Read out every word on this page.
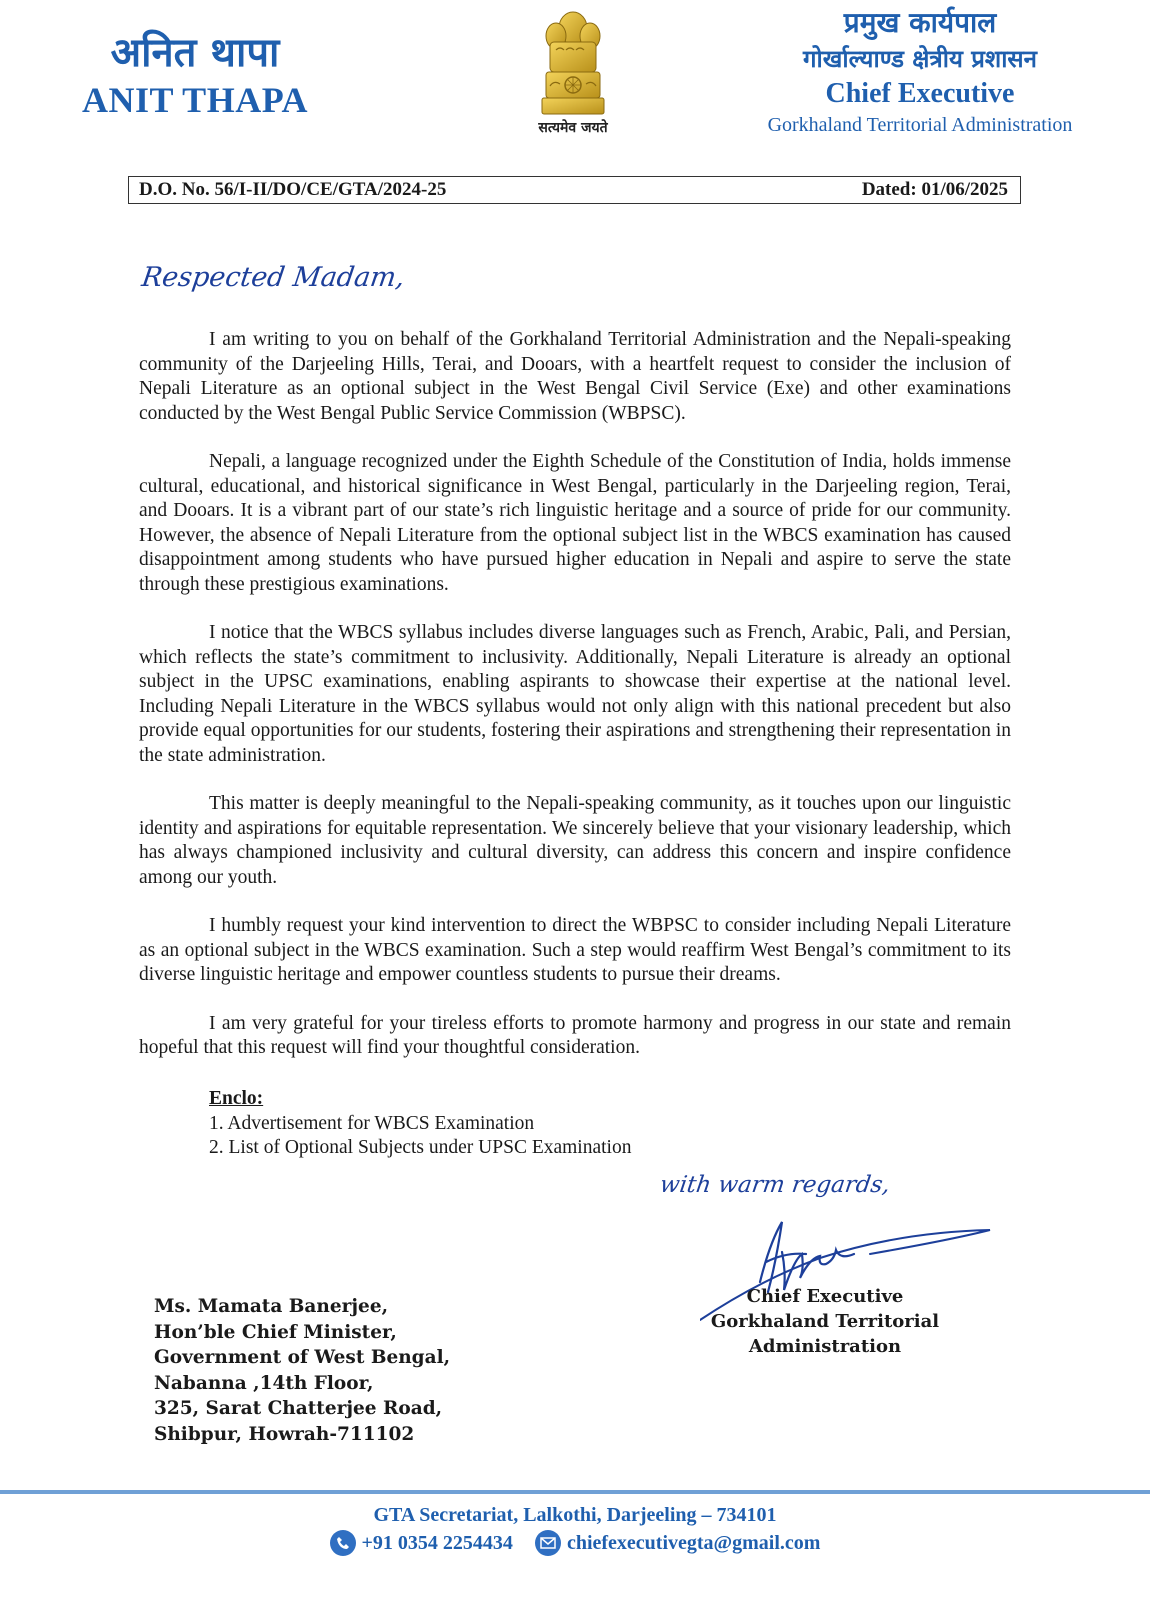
अनित थापा
ANIT THAPA
सत्यमेव जयते
प्रमुख कार्यपाल
गोर्खाल्याण्ड क्षेत्रीय प्रशासन
Chief Executive
Gorkhaland Territorial Administration
D.O. No. 56/I-II/DO/CE/GTA/2024-25	Dated: 01/06/2025
Respected Madam,

I am writing to you on behalf of the Gorkhaland Territorial Administration and the Nepali-speaking community of the Darjeeling Hills, Terai, and Dooars, with a heartfelt request to consider the inclusion of Nepali Literature as an optional subject in the West Bengal Civil Service (Exe) and other examinations conducted by the West Bengal Public Service Commission (WBPSC).

Nepali, a language recognized under the Eighth Schedule of the Constitution of India, holds immense cultural, educational, and historical significance in West Bengal, particularly in the Darjeeling region, Terai, and Dooars. It is a vibrant part of our state’s rich linguistic heritage and a source of pride for our community. However, the absence of Nepali Literature from the optional subject list in the WBCS examination has caused disappointment among students who have pursued higher education in Nepali and aspire to serve the state through these prestigious examinations.

I notice that the WBCS syllabus includes diverse languages such as French, Arabic, Pali, and Persian, which reflects the state’s commitment to inclusivity. Additionally, Nepali Literature is already an optional subject in the UPSC examinations, enabling aspirants to showcase their expertise at the national level. Including Nepali Literature in the WBCS syllabus would not only align with this national precedent but also provide equal opportunities for our students, fostering their aspirations and strengthening their representation in the state administration.

This matter is deeply meaningful to the Nepali-speaking community, as it touches upon our linguistic identity and aspirations for equitable representation. We sincerely believe that your visionary leadership, which has always championed inclusivity and cultural diversity, can address this concern and inspire confidence among our youth.

I humbly request your kind intervention to direct the WBPSC to consider including Nepali Literature as an optional subject in the WBCS examination. Such a step would reaffirm West Bengal’s commitment to its diverse linguistic heritage and empower countless students to pursue their dreams.

I am very grateful for your tireless efforts to promote harmony and progress in our state and remain hopeful that this request will find your thoughtful consideration.

Enclo:
1. Advertisement for WBCS Examination
2. List of Optional Subjects under UPSC Examination
with warm regards,
Chief Executive
Gorkhaland Territorial Administration
Ms. Mamata Banerjee,
Hon’ble Chief Minister,
Government of West Bengal,
Nabanna ,14th Floor,
325, Sarat Chatterjee Road,
Shibpur, Howrah-711102
GTA Secretariat, Lalkothi, Darjeeling – 734101
+91 0354 2254434	chiefexecutivegta@gmail.com
